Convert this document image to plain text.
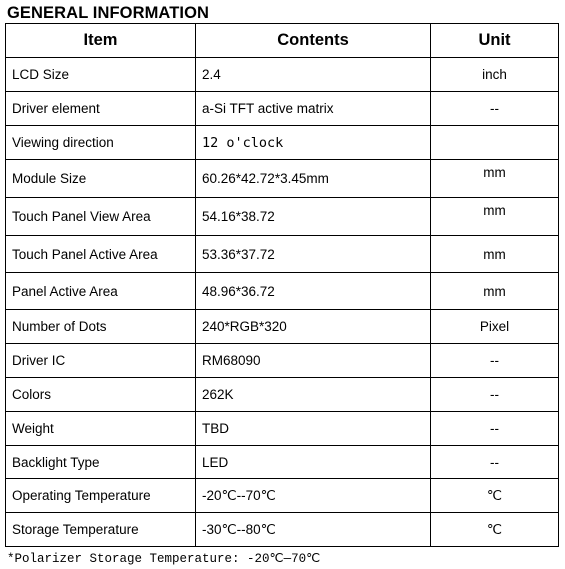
GENERAL INFORMATION
Item	Contents	Unit
LCD Size	2.4	inch
Driver element	a-Si TFT active matrix	--
Viewing direction	12 o'clock	
Module Size	60.26*42.72*3.45mm	mm
Touch Panel View Area	54.16*38.72	mm
Touch Panel Active Area	53.36*37.72	mm
Panel Active Area	48.96*36.72	mm
Number of Dots	240*RGB*320	Pixel
Driver IC	RM68090	--
Colors	262K	--
Weight	TBD	--
Backlight Type	LED	--
Operating Temperature	-20℃--70℃	℃
Storage Temperature	-30℃--80℃	℃
*Polarizer Storage Temperature: -20℃—70℃
